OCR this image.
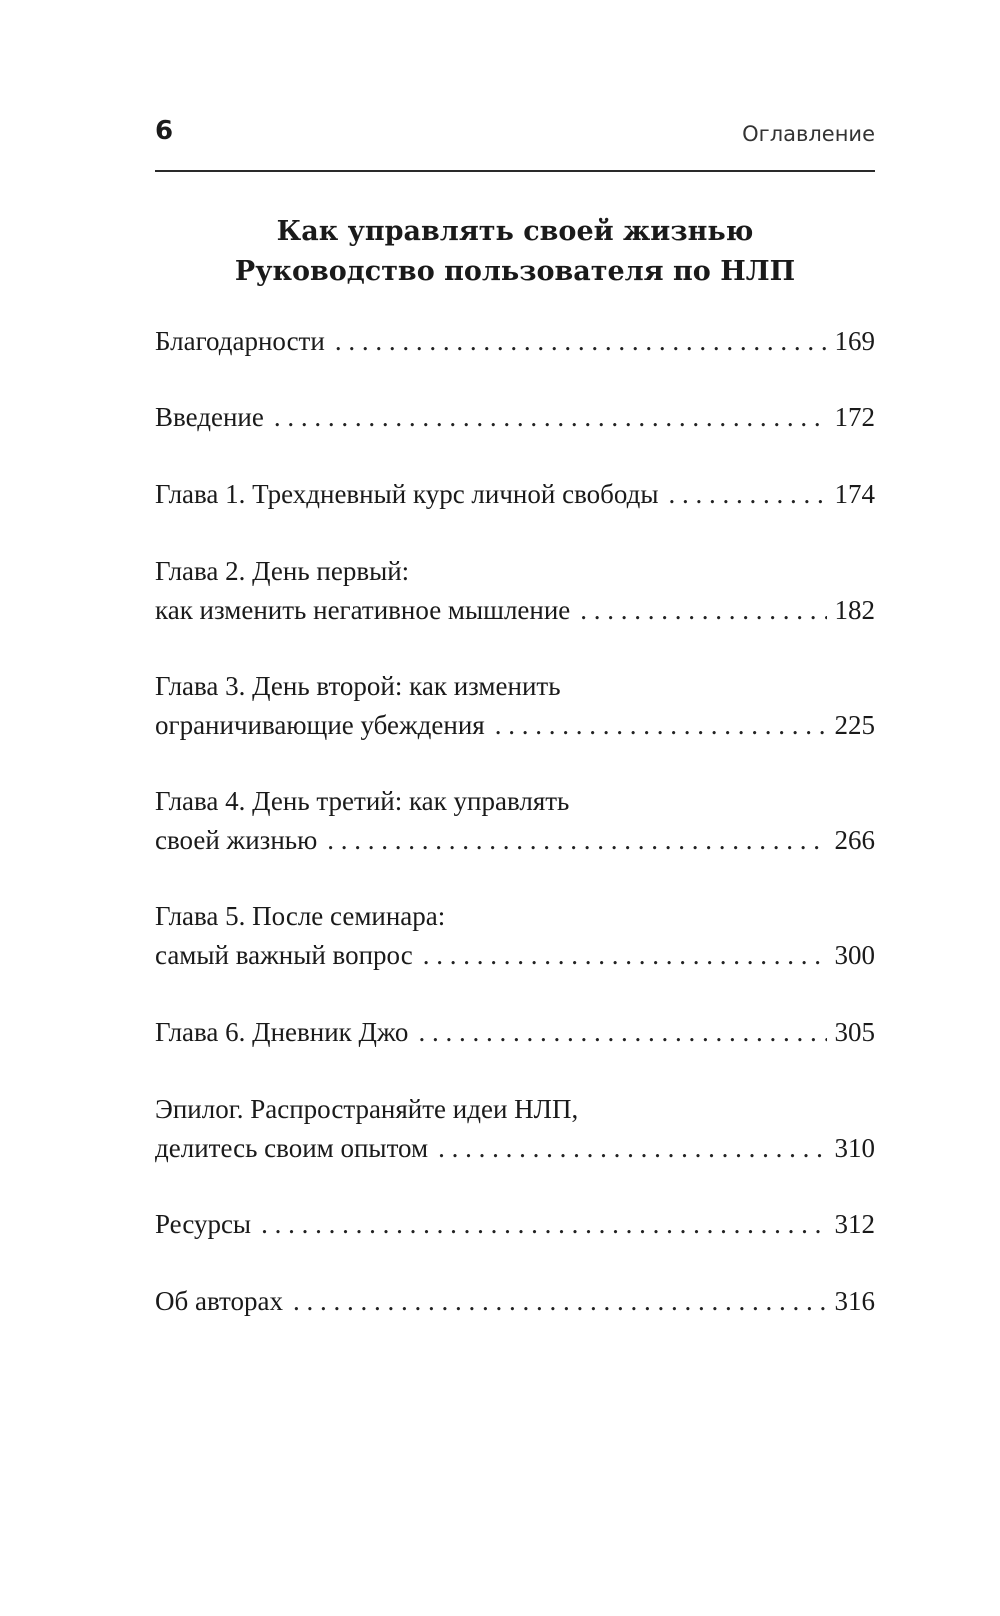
6	Оглавление
Как управлять своей жизнью
Руководство пользователя по НЛП
Благодарности . . .	169
Введение . . .	172
Глава 1. Трехдневный курс личной свободы . . .	174
Глава 2. День первый:
как изменить негативное мышление . . .	182
Глава 3. День второй: как изменить
ограничивающие убеждения . . .	225
Глава 4. День третий: как управлять
своей жизнью . . .	266
Глава 5. После семинара:
самый важный вопрос . . .	300
Глава 6. Дневник Джо . . .	305
Эпилог. Распространяйте идеи НЛП,
делитесь своим опытом . . .	310
Ресурсы . . .	312
Об авторах . . .	316
